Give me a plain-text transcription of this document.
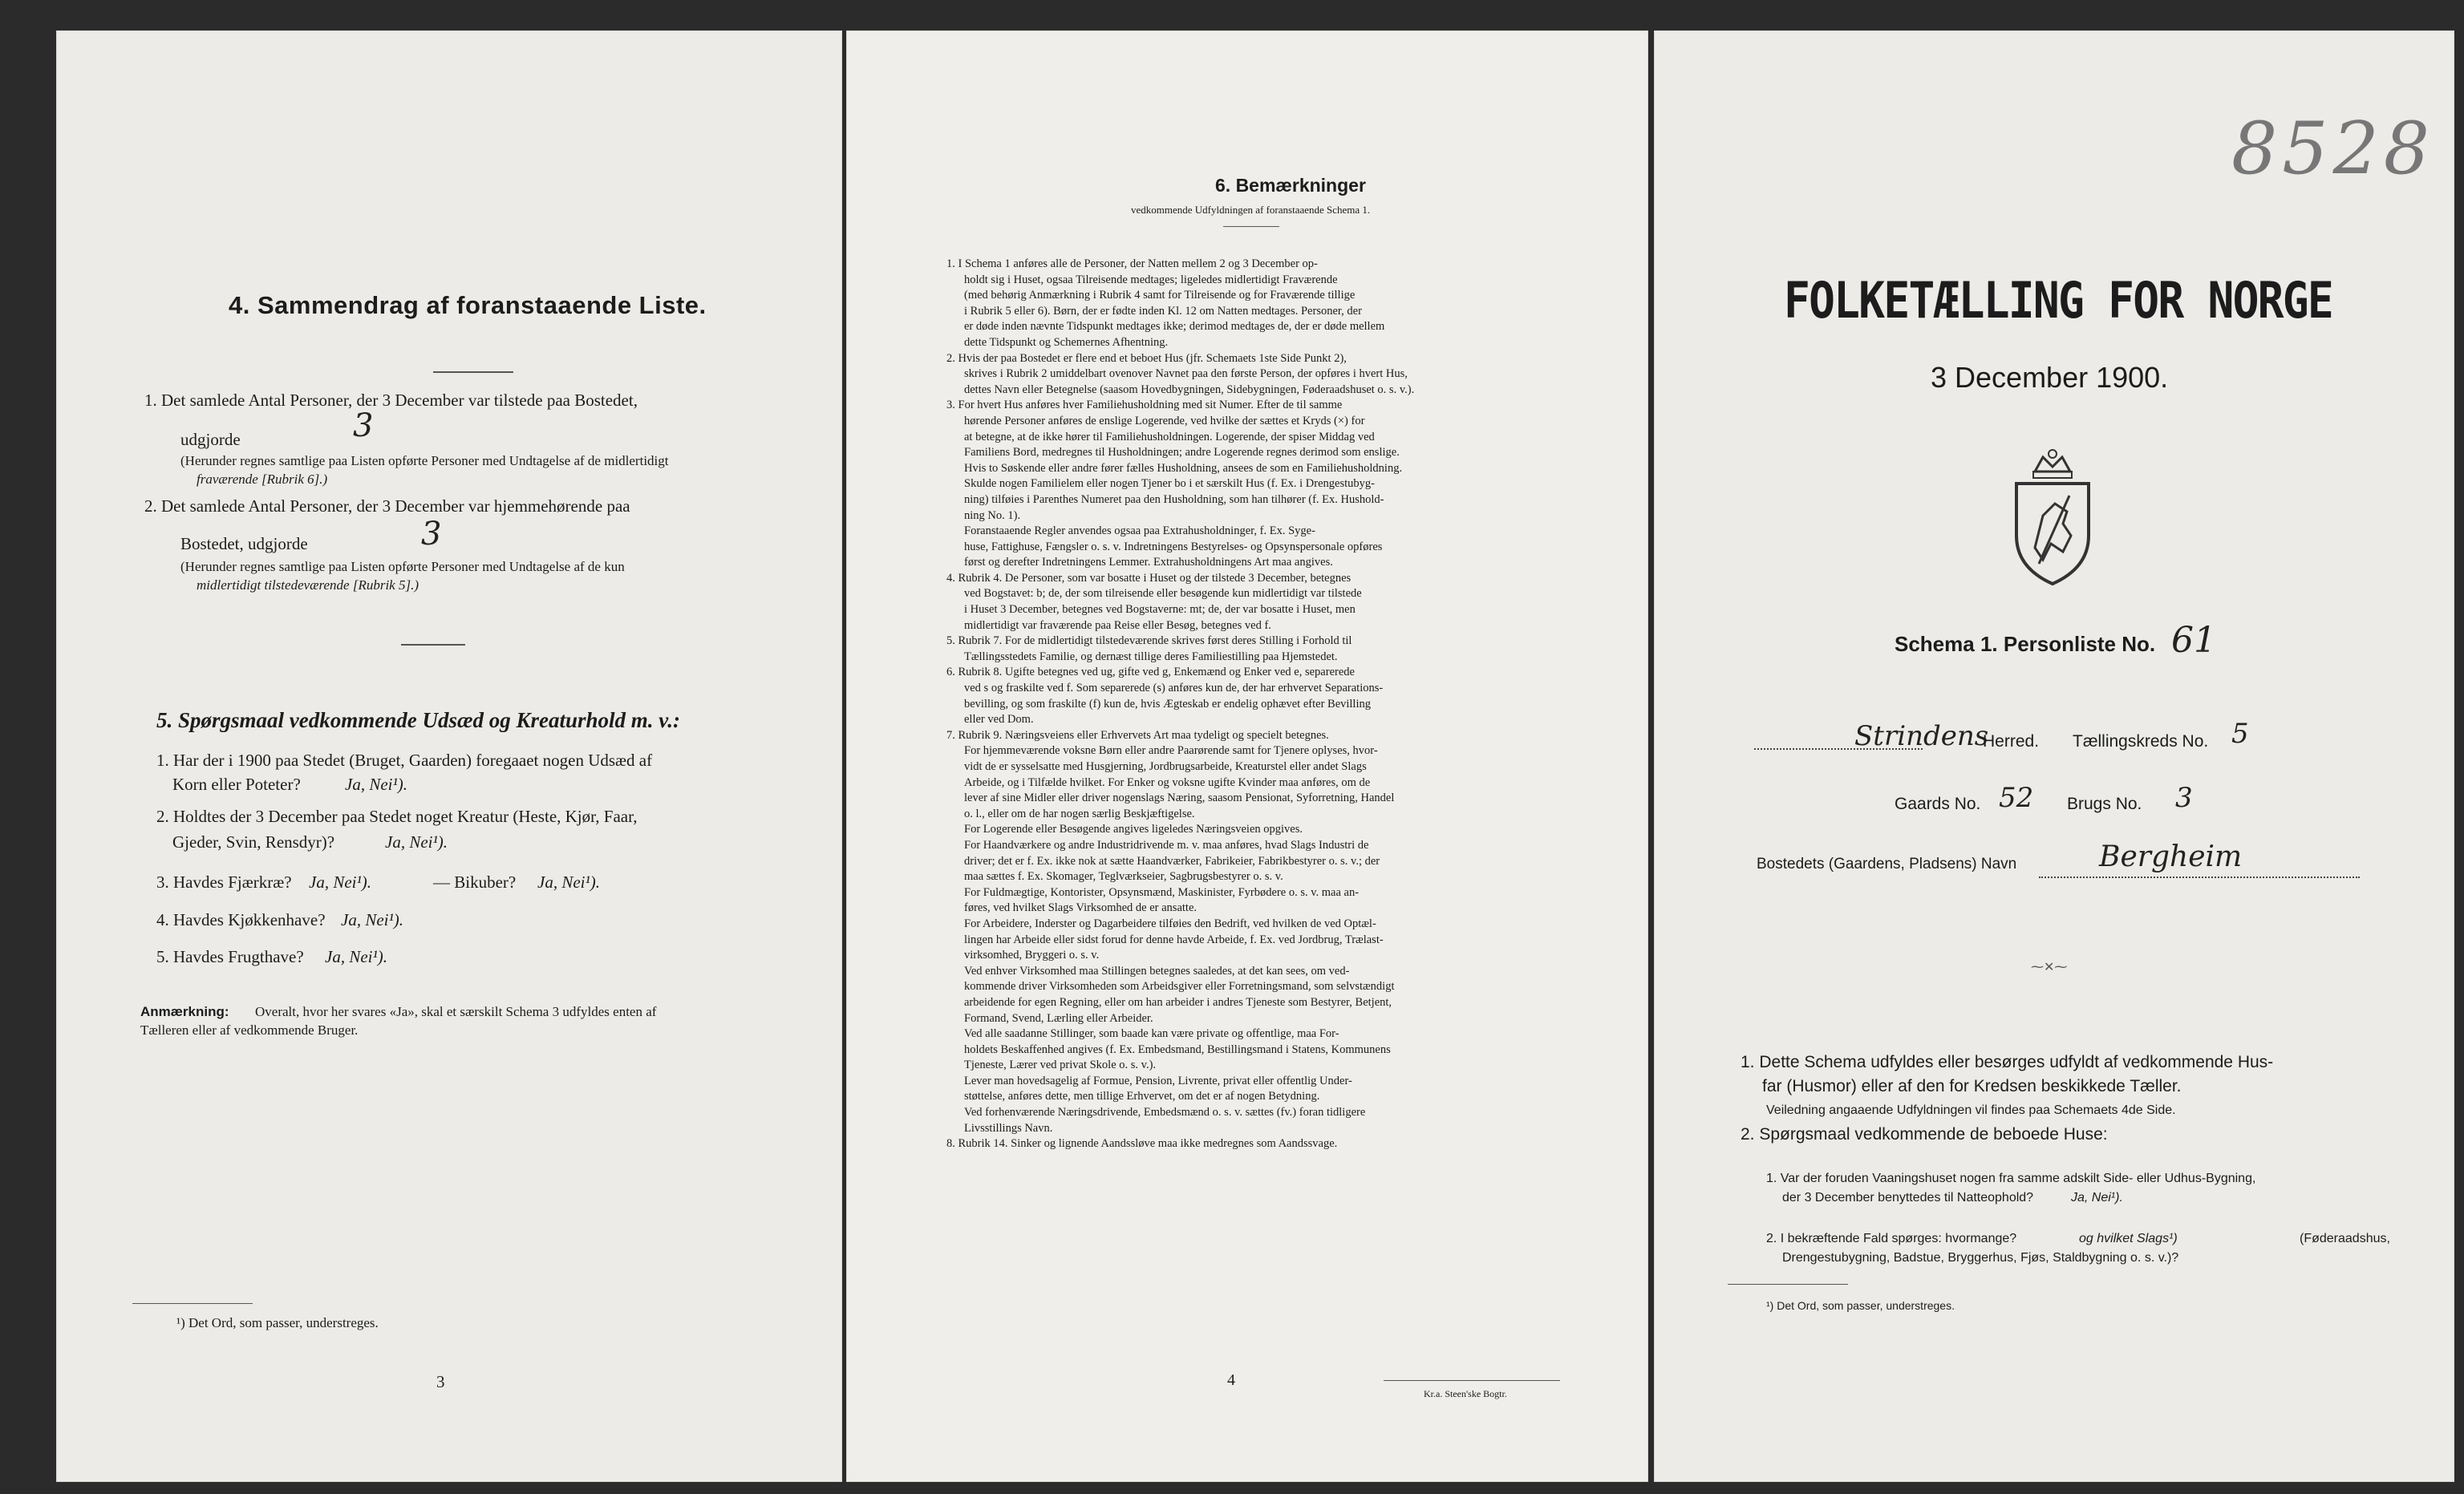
4. Sammendrag af foranstaaende Liste.
1. Det samlede Antal Personer, der 3 December var tilstede paa Bostedet,
udgjorde	3
(Herunder regnes samtlige paa Listen opførte Personer med Undtagelse af de midlertidigt
fraværende [Rubrik 6].)
2. Det samlede Antal Personer, der 3 December var hjemmehørende paa
Bostedet, udgjorde	3
(Herunder regnes samtlige paa Listen opførte Personer med Undtagelse af de kun
midlertidigt tilstedeværende [Rubrik 5].)
5. Spørgsmaal vedkommende Udsæd og Kreaturhold m. v.:
1. Har der i 1900 paa Stedet (Bruget, Gaarden) foregaaet nogen Udsæd af
Korn eller Poteter?	Ja, Nei¹).
2. Holdtes der 3 December paa Stedet noget Kreatur (Heste, Kjør, Faar,
Gjeder, Svin, Rensdyr)?	Ja, Nei¹).
3. Havdes Fjærkræ? Ja, Nei¹).	— Bikuber? Ja, Nei¹).
4. Havdes Kjøkkenhave? Ja, Nei¹).
5. Havdes Frugthave? Ja, Nei¹).
Anmærkning: Overalt, hvor her svares «Ja», skal et særskilt Schema 3 udfyldes enten af
Tælleren eller af vedkommende Bruger.
¹) Det Ord, som passer, understreges.
3
6. Bemærkninger
vedkommende Udfyldningen af foranstaaende Schema 1.
1. I Schema 1 anføres alle de Personer, der Natten mellem 2 og 3 December op-
holdt sig i Huset, ogsaa Tilreisende medtages; ligeledes midlertidigt Fraværende
(med behørig Anmærkning i Rubrik 4 samt for Tilreisende og for Fraværende tillige
i Rubrik 5 eller 6). Børn, der er fødte inden Kl. 12 om Natten medtages. Personer, der
er døde inden nævnte Tidspunkt medtages ikke; derimod medtages de, der er døde mellem
dette Tidspunkt og Schemernes Afhentning.
2. Hvis der paa Bostedet er flere end et beboet Hus (jfr. Schemaets 1ste Side Punkt 2),
skrives i Rubrik 2 umiddelbart ovenover Navnet paa den første Person, der opføres i hvert Hus,
dettes Navn eller Betegnelse (saasom Hovedbygningen, Sidebygningen, Føderaadshuset o. s. v.).
3. For hvert Hus anføres hver Familiehusholdning med sit Numer. Efter de til samme
hørende Personer anføres de enslige Logerende, ved hvilke der sættes et Kryds (×) for
at betegne, at de ikke hører til Familiehusholdningen. Logerende, der spiser Middag ved
Familiens Bord, medregnes til Husholdningen; andre Logerende regnes derimod som enslige.
Hvis to Søskende eller andre fører fælles Husholdning, ansees de som en Familiehusholdning.
Skulde nogen Familielem eller nogen Tjener bo i et særskilt Hus (f. Ex. i Drengestubyg-
ning) tilføies i Parenthes Numeret paa den Husholdning, som han tilhører (f. Ex. Hushold-
ning No. 1).
Foranstaaende Regler anvendes ogsaa paa Extrahusholdninger, f. Ex. Syge-
huse, Fattighuse, Fængsler o. s. v. Indretningens Bestyrelses- og Opsynspersonale opføres
først og derefter Indretningens Lemmer. Extrahusholdningens Art maa angives.
4. Rubrik 4. De Personer, som var bosatte i Huset og der tilstede 3 December, betegnes
ved Bogstavet: b; de, der som tilreisende eller besøgende kun midlertidigt var tilstede
i Huset 3 December, betegnes ved Bogstaverne: mt; de, der var bosatte i Huset, men
midlertidigt var fraværende paa Reise eller Besøg, betegnes ved f.
5. Rubrik 7. For de midlertidigt tilstedeværende skrives først deres Stilling i Forhold til
Tællingsstedets Familie, og dernæst tillige deres Familiestilling paa Hjemstedet.
6. Rubrik 8. Ugifte betegnes ved ug, gifte ved g, Enkemænd og Enker ved e, separerede
ved s og fraskilte ved f. Som separerede (s) anføres kun de, der har erhvervet Separations-
bevilling, og som fraskilte (f) kun de, hvis Ægteskab er endelig ophævet efter Bevilling
eller ved Dom.
7. Rubrik 9. Næringsveiens eller Erhvervets Art maa tydeligt og specielt betegnes.
For hjemmeværende voksne Børn eller andre Paarørende samt for Tjenere oplyses, hvor-
vidt de er sysselsatte med Husgjerning, Jordbrugsarbeide, Kreaturstel eller andet Slags
Arbeide, og i Tilfælde hvilket. For Enker og voksne ugifte Kvinder maa anføres, om de
lever af sine Midler eller driver nogenslags Næring, saasom Pensionat, Syforretning, Handel
o. l., eller om de har nogen særlig Beskjæftigelse.
For Logerende eller Besøgende angives ligeledes Næringsveien opgives.
For Haandværkere og andre Industridrivende m. v. maa anføres, hvad Slags Industri de
driver; det er f. Ex. ikke nok at sætte Haandværker, Fabrikeier, Fabrikbestyrer o. s. v.; der
maa sættes f. Ex. Skomager, Teglværkseier, Sagbrugsbestyrer o. s. v.
For Fuldmægtige, Kontorister, Opsynsmænd, Maskinister, Fyrbødere o. s. v. maa an-
føres, ved hvilket Slags Virksomhed de er ansatte.
For Arbeidere, Inderster og Dagarbeidere tilføies den Bedrift, ved hvilken de ved Optæl-
lingen har Arbeide eller sidst forud for denne havde Arbeide, f. Ex. ved Jordbrug, Trælast-
virksomhed, Bryggeri o. s. v.
Ved enhver Virksomhed maa Stillingen betegnes saaledes, at det kan sees, om ved-
kommende driver Virksomheden som Arbeidsgiver eller Forretningsmand, som selvstændigt
arbeidende for egen Regning, eller om han arbeider i andres Tjeneste som Bestyrer, Betjent,
Formand, Svend, Lærling eller Arbeider.
Ved alle saadanne Stillinger, som baade kan være private og offentlige, maa For-
holdets Beskaffenhed angives (f. Ex. Embedsmand, Bestillingsmand i Statens, Kommunens
Tjeneste, Lærer ved privat Skole o. s. v.).
Lever man hovedsagelig af Formue, Pension, Livrente, privat eller offentlig Under-
støttelse, anføres dette, men tillige Erhvervet, om det er af nogen Betydning.
Ved forhenværende Næringsdrivende, Embedsmænd o. s. v. sættes (fv.) foran tidligere
Livsstillings Navn.
8. Rubrik 14. Sinker og lignende Aandssløve maa ikke medregnes som Aandssvage.
4
Kr.a. Steen'ske Bogtr.
8528
FOLKETÆLLING FOR NORGE
3 December 1900.
Schema 1. Personliste No. 61
Strindens
Herred. Tællingskreds No. 5
Gaards No. 52 Brugs No. 3
Bostedets (Gaardens, Pladsens) Navn	Bergheim
⁓✕⁓
1. Dette Schema udfyldes eller besørges udfyldt af vedkommende Hus-
far (Husmor) eller af den for Kredsen beskikkede Tæller.
Veiledning angaaende Udfyldningen vil findes paa Schemaets 4de Side.
2. Spørgsmaal vedkommende de beboede Huse:
1. Var der foruden Vaaningshuset nogen fra samme adskilt Side- eller Udhus-Bygning,
der 3 December benyttedes til Natteophold?	Ja, Nei¹).
2. I bekræftende Fald spørges: hvormange?	og hvilket Slags¹)	(Føderaadshus,
Drengestubygning, Badstue, Bryggerhus, Fjøs, Staldbygning o. s. v.)?
¹) Det Ord, som passer, understreges.
